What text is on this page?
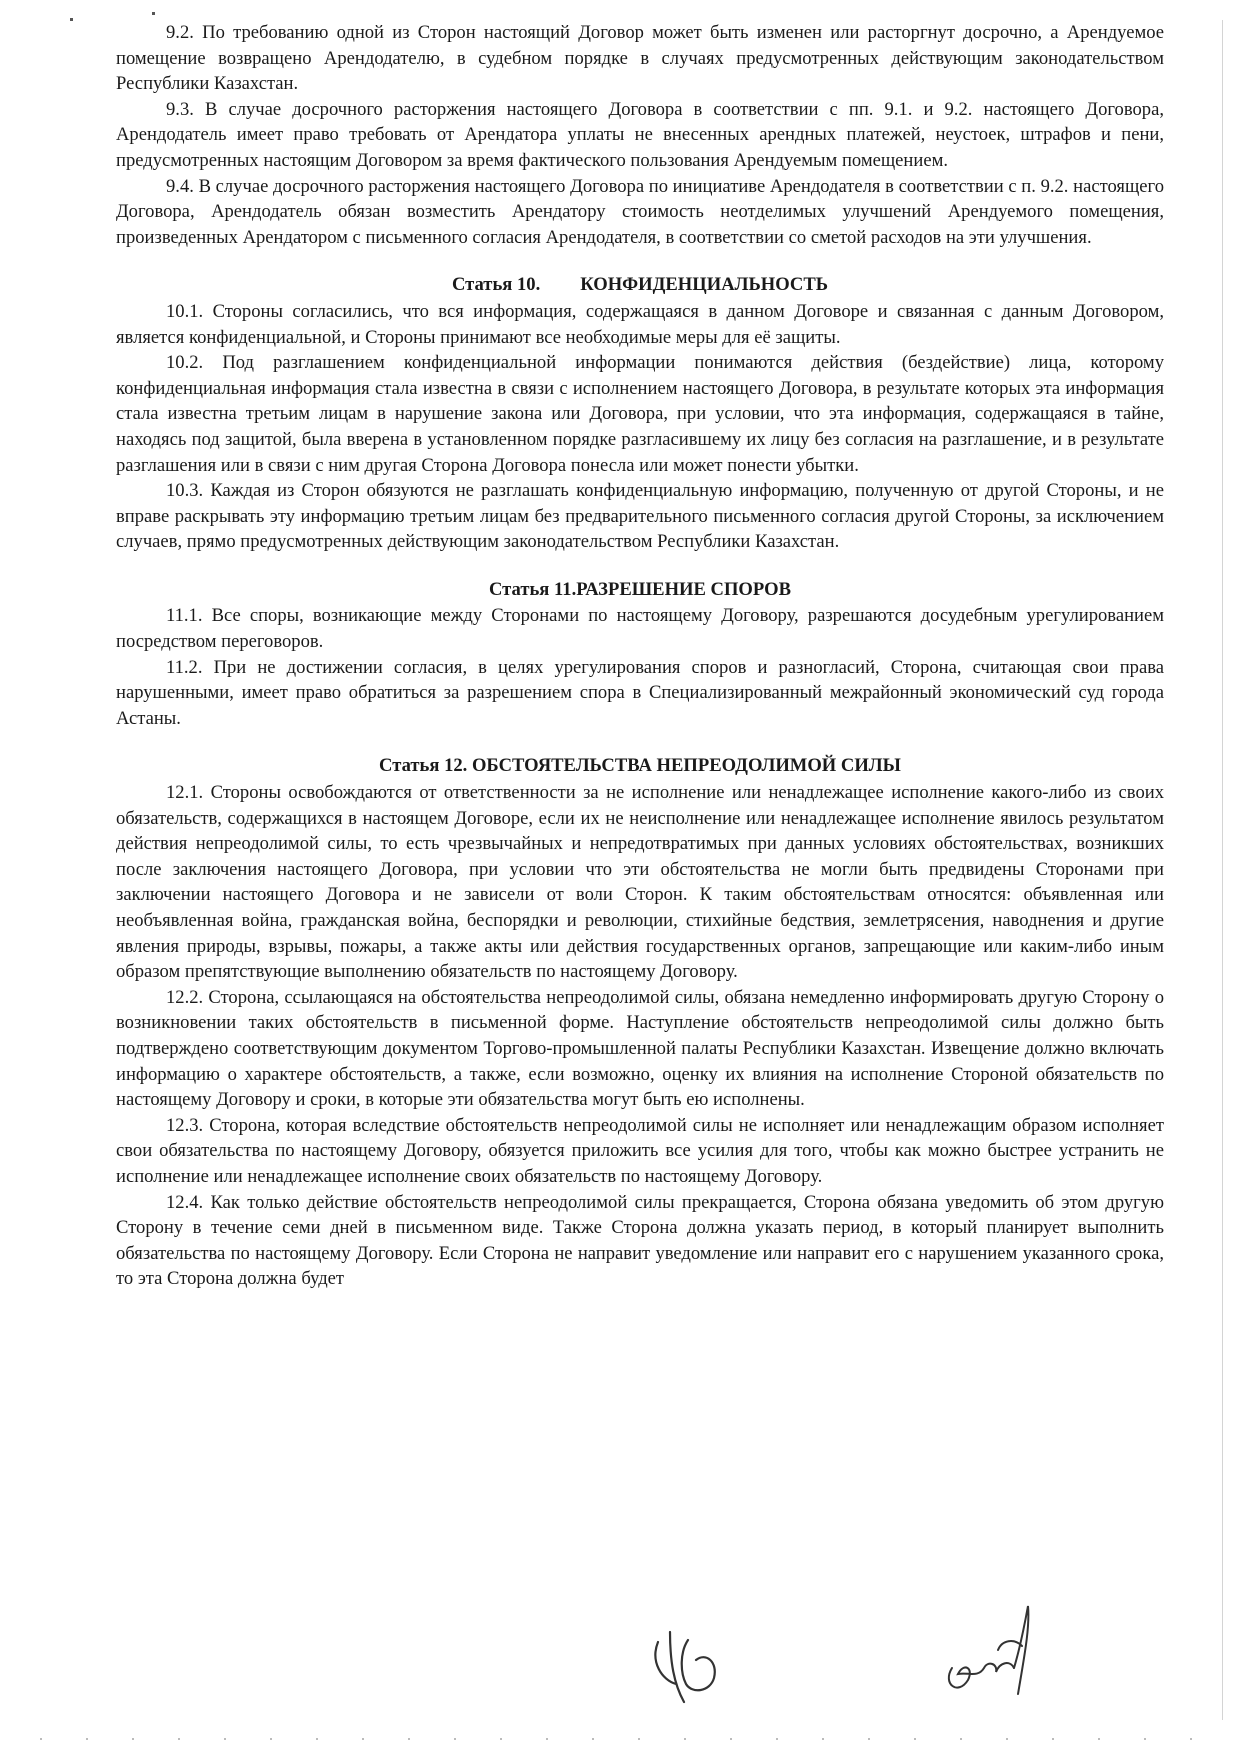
9.2. По требованию одной из Сторон настоящий Договор может быть изменен или расторгнут досрочно, а Арендуемое помещение возвращено Арендодателю, в судебном порядке в случаях предусмотренных действующим законодательством Республики Казахстан.

9.3. В случае досрочного расторжения настоящего Договора в соответствии с пп. 9.1. и 9.2. настоящего Договора, Арендодатель имеет право требовать от Арендатора уплаты не внесенных арендных платежей, неустоек, штрафов и пени, предусмотренных настоящим Договором за время фактического пользования Арендуемым помещением.

9.4. В случае досрочного расторжения настоящего Договора по инициативе Арендодателя в соответствии с п. 9.2. настоящего Договора, Арендодатель обязан возместить Арендатору стоимость неотделимых улучшений Арендуемого помещения, произведенных Арендатором с письменного согласия Арендодателя, в соответствии со сметой расходов на эти улучшения.

Статья 10. КОНФИДЕНЦИАЛЬНОСТЬ

10.1. Стороны согласились, что вся информация, содержащаяся в данном Договоре и связанная с данным Договором, является конфиденциальной, и Стороны принимают все необходимые меры для её защиты.

10.2. Под разглашением конфиденциальной информации понимаются действия (бездействие) лица, которому конфиденциальная информация стала известна в связи с исполнением настоящего Договора, в результате которых эта информация стала известна третьим лицам в нарушение закона или Договора, при условии, что эта информация, содержащаяся в тайне, находясь под защитой, была вверена в установленном порядке разгласившему их лицу без согласия на разглашение, и в результате разглашения или в связи с ним другая Сторона Договора понесла или может понести убытки.

10.3. Каждая из Сторон обязуются не разглашать конфиденциальную информацию, полученную от другой Стороны, и не вправе раскрывать эту информацию третьим лицам без предварительного письменного согласия другой Стороны, за исключением случаев, прямо предусмотренных действующим законодательством Республики Казахстан.

Статья 11.РАЗРЕШЕНИЕ СПОРОВ

11.1. Все споры, возникающие между Сторонами по настоящему Договору, разрешаются досудебным урегулированием посредством переговоров.

11.2. При не достижении согласия, в целях урегулирования споров и разногласий, Сторона, считающая свои права нарушенными, имеет право обратиться за разрешением спора в Специализированный межрайонный экономический суд города Астаны.

Статья 12. ОБСТОЯТЕЛЬСТВА НЕПРЕОДОЛИМОЙ СИЛЫ

12.1. Стороны освобождаются от ответственности за не исполнение или ненадлежащее исполнение какого-либо из своих обязательств, содержащихся в настоящем Договоре, если их не неисполнение или ненадлежащее исполнение явилось результатом действия непреодолимой силы, то есть чрезвычайных и непредотвратимых при данных условиях обстоятельствах, возникших после заключения настоящего Договора, при условии что эти обстоятельства не могли быть предвидены Сторонами при заключении настоящего Договора и не зависели от воли Сторон. К таким обстоятельствам относятся: объявленная или необъявленная война, гражданская война, беспорядки и революции, стихийные бедствия, землетрясения, наводнения и другие явления природы, взрывы, пожары, а также акты или действия государственных органов, запрещающие или каким-либо иным образом препятствующие выполнению обязательств по настоящему Договору.

12.2. Сторона, ссылающаяся на обстоятельства непреодолимой силы, обязана немедленно информировать другую Сторону о возникновении таких обстоятельств в письменной форме. Наступление обстоятельств непреодолимой силы должно быть подтверждено соответствующим документом Торгово-промышленной палаты Республики Казахстан. Извещение должно включать информацию о характере обстоятельств, а также, если возможно, оценку их влияния на исполнение Стороной обязательств по настоящему Договору и сроки, в которые эти обязательства могут быть ею исполнены.

12.3. Сторона, которая вследствие обстоятельств непреодолимой силы не исполняет или ненадлежащим образом исполняет свои обязательства по настоящему Договору, обязуется приложить все усилия для того, чтобы как можно быстрее устранить не исполнение или ненадлежащее исполнение своих обязательств по настоящему Договору.

12.4. Как только действие обстоятельств непреодолимой силы прекращается, Сторона обязана уведомить об этом другую Сторону в течение семи дней в письменном виде. Также Сторона должна указать период, в который планирует выполнить обязательства по настоящему Договору. Если Сторона не направит уведомление или направит его с нарушением указанного срока, то эта Сторона должна будет
